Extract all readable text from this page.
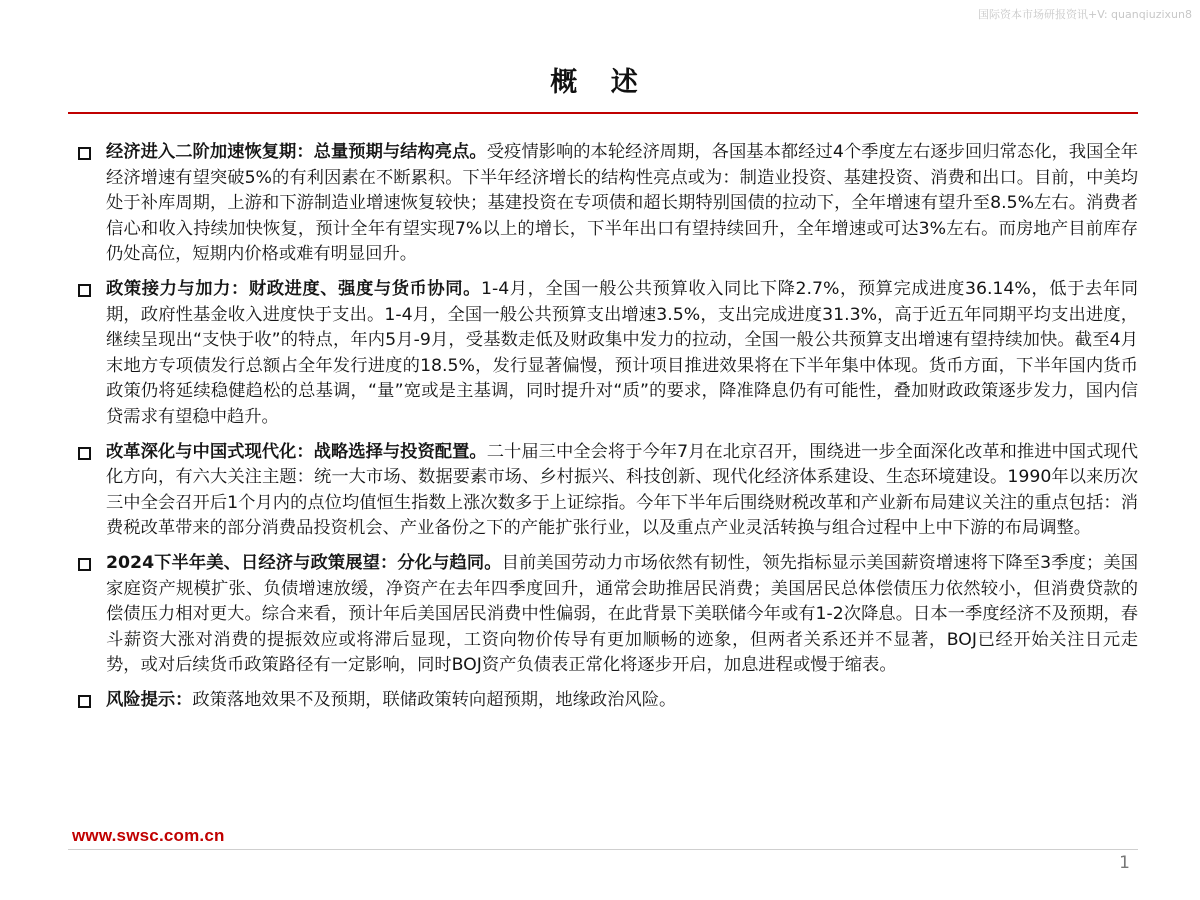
国际资本市场研报资讯+V: quanqiuzixun8
概 述
经济进入二阶加速恢复期：总量预期与结构亮点。受疫情影响的本轮经济周期，各国基本都经过4个季度左右逐步回归常态化，我国全年经济增速有望突破5%的有利因素在不断累积。下半年经济增长的结构性亮点或为：制造业投资、基建投资、消费和出口。目前，中美均处于补库周期，上游和下游制造业增速恢复较快；基建投资在专项债和超长期特别国债的拉动下，全年增速有望升至8.5%左右。消费者信心和收入持续加快恢复，预计全年有望实现7%以上的增长，下半年出口有望持续回升，全年增速或可达3%左右。而房地产目前库存仍处高位，短期内价格或难有明显回升。
政策接力与加力：财政进度、强度与货币协同。1-4月，全国一般公共预算收入同比下降2.7%，预算完成进度36.14%，低于去年同期，政府性基金收入进度快于支出。1-4月，全国一般公共预算支出增速3.5%，支出完成进度31.3%，高于近五年同期平均支出进度，继续呈现出“支快于收”的特点，年内5月-9月，受基数走低及财政集中发力的拉动，全国一般公共预算支出增速有望持续加快。截至4月末地方专项债发行总额占全年发行进度的18.5%，发行显著偏慢，预计项目推进效果将在下半年集中体现。货币方面，下半年国内货币政策仍将延续稳健趋松的总基调，“量”宽或是主基调，同时提升对“质”的要求，降准降息仍有可能性，叠加财政政策逐步发力，国内信贷需求有望稳中趋升。
改革深化与中国式现代化：战略选择与投资配置。二十届三中全会将于今年7月在北京召开，围绕进一步全面深化改革和推进中国式现代化方向，有六大关注主题：统一大市场、数据要素市场、乡村振兴、科技创新、现代化经济体系建设、生态环境建设。1990年以来历次三中全会召开后1个月内的点位均值恒生指数上涨次数多于上证综指。今年下半年后围绕财税改革和产业新布局建议关注的重点包括：消费税改革带来的部分消费品投资机会、产业备份之下的产能扩张行业，以及重点产业灵活转换与组合过程中上中下游的布局调整。
2024下半年美、日经济与政策展望：分化与趋同。目前美国劳动力市场依然有韧性，领先指标显示美国薪资增速将下降至3季度；美国家庭资产规模扩张、负债增速放缓，净资产在去年四季度回升，通常会助推居民消费；美国居民总体偿债压力依然较小，但消费贷款的偿债压力相对更大。综合来看，预计年后美国居民消费中性偏弱，在此背景下美联储今年或有1-2次降息。日本一季度经济不及预期，春斗薪资大涨对消费的提振效应或将滞后显现，工资向物价传导有更加顺畅的迹象，但两者关系还并不显著，BOJ已经开始关注日元走势，或对后续货币政策路径有一定影响，同时BOJ资产负债表正常化将逐步开启，加息进程或慢于缩表。
风险提示：政策落地效果不及预期，联储政策转向超预期，地缘政治风险。
www.swsc.com.cn
1
